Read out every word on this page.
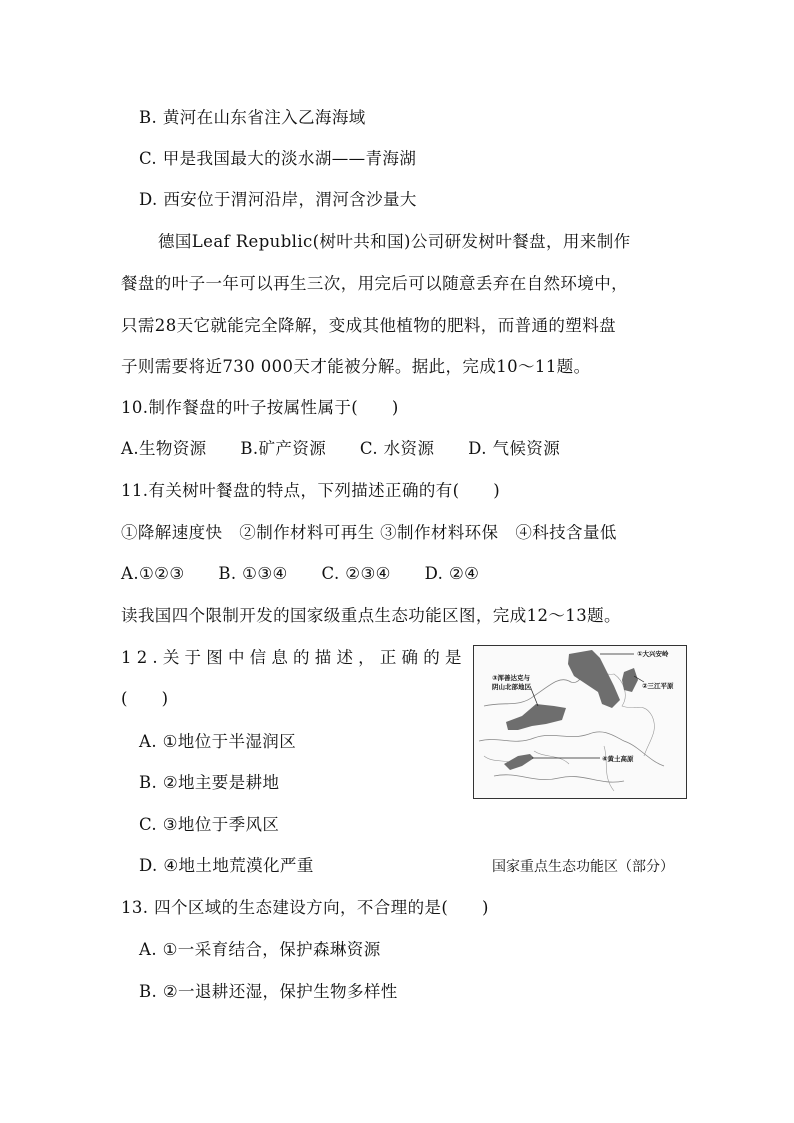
B. 黄河在山东省注入乙海海域
C. 甲是我国最大的淡水湖——青海湖
D. 西安位于渭河沿岸，渭河含沙量大
德国Leaf Republic(树叶共和国)公司研发树叶餐盘，用来制作
餐盘的叶子一年可以再生三次，用完后可以随意丢弃在自然环境中，
只需28天它就能完全降解，变成其他植物的肥料，而普通的塑料盘
子则需要将近730 000天才能被分解。据此，完成10～11题。
10.制作餐盘的叶子按属性属于(　　)
A.生物资源　　B.矿产资源　　C. 水资源　　D. 气候资源
11.有关树叶餐盘的特点，下列描述正确的有(　　)
①降解速度快　②制作材料可再生 ③制作材料环保　④科技含量低
A.①②③　　B. ①③④　　C. ②③④　　D. ②④
读我国四个限制开发的国家级重点生态功能区图，完成12～13题。
12.关于图中信息的描述，正确的是
(　　)
A. ①地位于半湿润区
B. ②地主要是耕地
C. ③地位于季风区
D. ④地土地荒漠化严重
①大兴安岭
②三江平原
③浑善达克与
阴山北部地区
④黄土高原
国家重点生态功能区（部分）
13. 四个区域的生态建设方向，不合理的是(　　)
A. ①一采育结合，保护森琳资源
B. ②一退耕还湿，保护生物多样性
